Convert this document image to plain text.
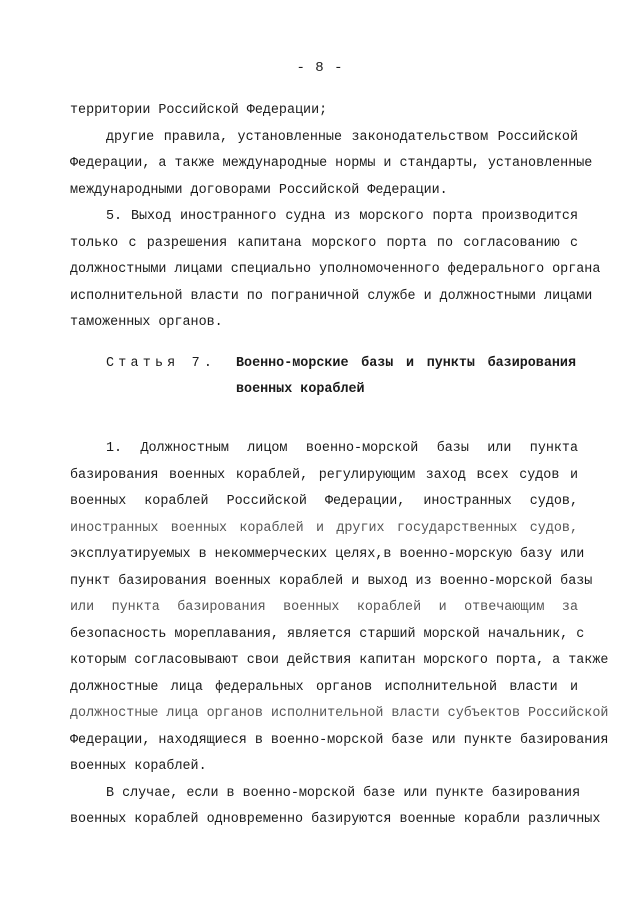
- 8 -
территории Российской Федерации;
другие правила, установленные законодательством Российской
Федерации, а также международные нормы и стандарты, установленные
международными договорами Российской Федерации.
5. Выход иностранного судна из морского порта производится
только с разрешения капитана морского порта по согласованию с
должностными лицами специально уполномоченного федерального органа
исполнительной власти по пограничной службе и должностными лицами
таможенных органов.
Статья 7. Военно-морские базы и пункты базирования
военных кораблей
1. Должностным лицом военно-морской базы или пункта
базирования военных кораблей, регулирующим заход всех судов и
военных кораблей Российской Федерации, иностранных судов,
иностранных военных кораблей и других государственных судов,
эксплуатируемых в некоммерческих целях,в военно-морскую базу или
пункт базирования военных кораблей и выход из военно-морской базы
или пункта базирования военных кораблей и отвечающим за
безопасность мореплавания, является старший морской начальник, с
которым согласовывают свои действия капитан морского порта, а также
должностные лица федеральных органов исполнительной власти и
должностные лица органов исполнительной власти субъектов Российской
Федерации, находящиеся в военно-морской базе или пункте базирования
военных кораблей.
В случае, если в военно-морской базе или пункте базирования
военных кораблей одновременно базируются военные корабли различных
